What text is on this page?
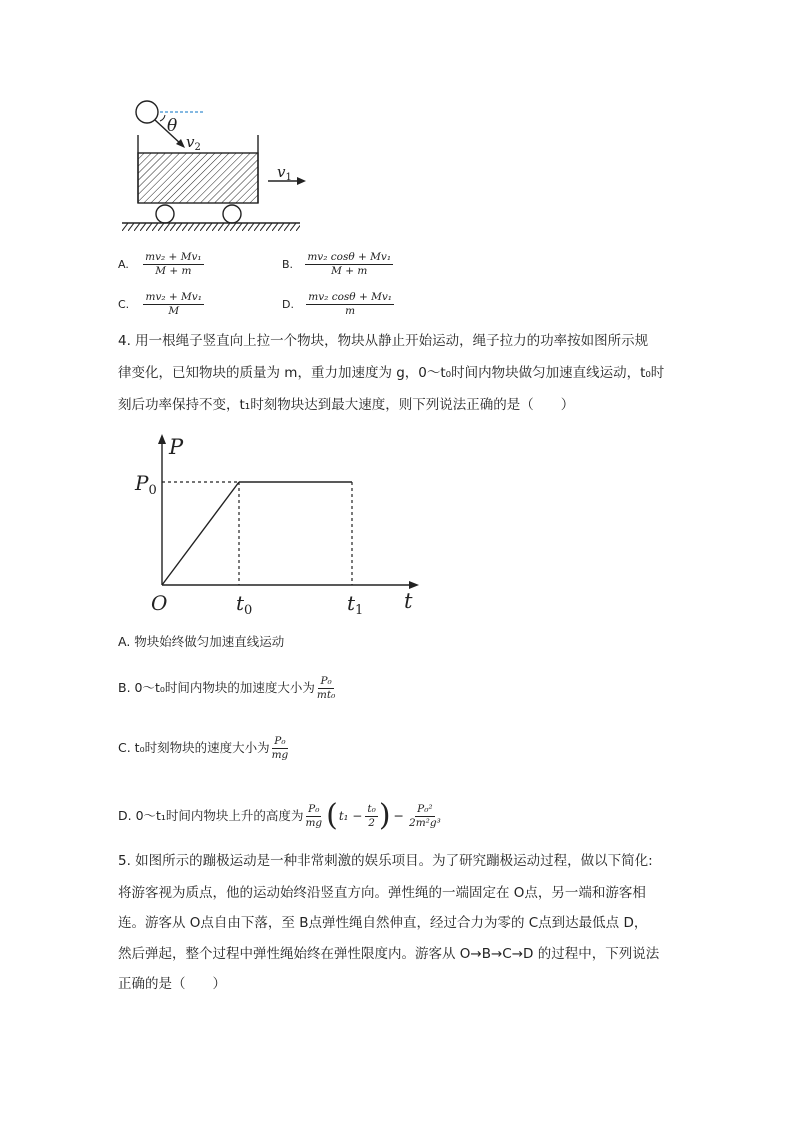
θ
$v_2$
$v_1$
A. $\frac{\text{mv₂ + Mv₁}}{M + m}$	B. $\frac{\text{mv₂ cosθ + Mv₁}}{M + m}$
C. $\frac{\text{mv₂ + Mv₁}}{M}$	D. $\frac{\text{mv₂ cosθ + Mv₁}}{m}$
4. 用一根绳子竖直向上拉一个物块，物块从静止开始运动，绳子拉力的功率按如图所示规
律变化，已知物块的质量为 m，重力加速度为 g，0～t₀时间内物块做匀加速直线运动，t₀时
刻后功率保持不变，t₁时刻物块达到最大速度，则下列说法正确的是（　　）
P
t
O
$P_0$
$t_0$	$t_1$
A. 物块始终做匀加速直线运动
B. 0～t₀时间内物块的加速度大小为 $\frac{\text{P₀}}{\text{mt₀}}$
C. t₀时刻物块的速度大小为 $\frac{\text{P₀}}{mg}$
D. 0～t₁时间内物块上升的高度为 $\frac{\text{P₀}}{mg}$ ( $t_1 - \frac{\text{t₀}}{2}$ ) − $\frac{\text{P₀²}}{\text{2m²g³}}$
5. 如图所示的蹦极运动是一种非常刺激的娱乐项目。为了研究蹦极运动过程，做以下简化:
将游客视为质点，他的运动始终沿竖直方向。弹性绳的一端固定在 O点，另一端和游客相
连。游客从 O点自由下落，至 B点弹性绳自然伸直，经过合力为零的 C点到达最低点 D，
然后弹起，整个过程中弹性绳始终在弹性限度内。游客从 O→B→C→D 的过程中，下列说法
正确的是（　　）
